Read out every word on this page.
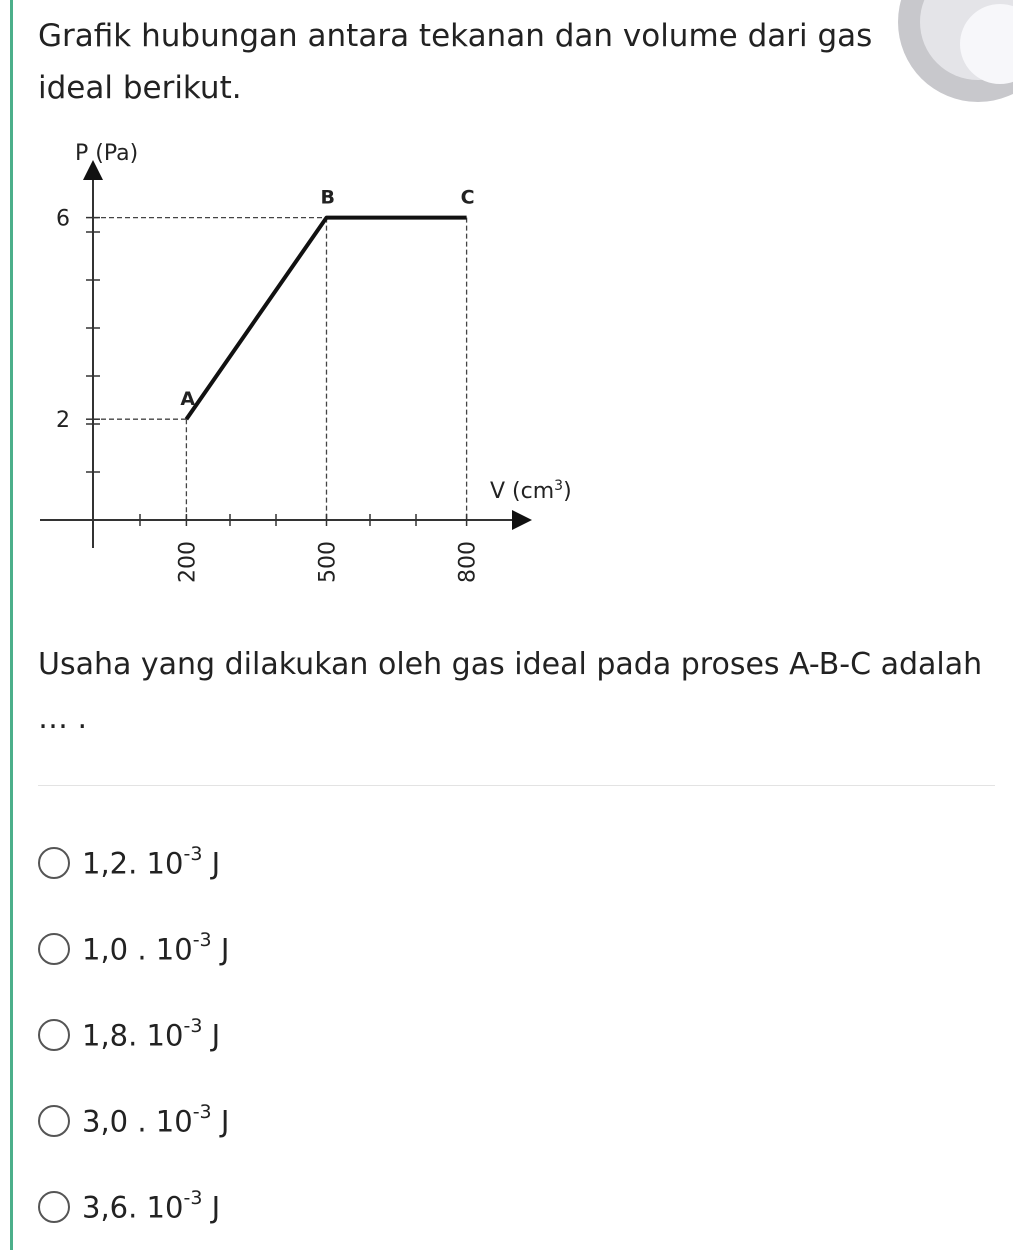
Grafik hubungan antara tekanan dan volume dari gas ideal berikut.

P (Pa)
V $(cm^3)$
2
6
200	500	800
A
B	C

Usaha yang dilakukan oleh gas ideal pada proses A-B-C adalah … .

1,2. $10^{-3}$ J
1,0 . $10^{-3}$ J
1,8. $10^{-3}$ J
3,0 . $10^{-3}$ J
3,6. $10^{-3}$ J
